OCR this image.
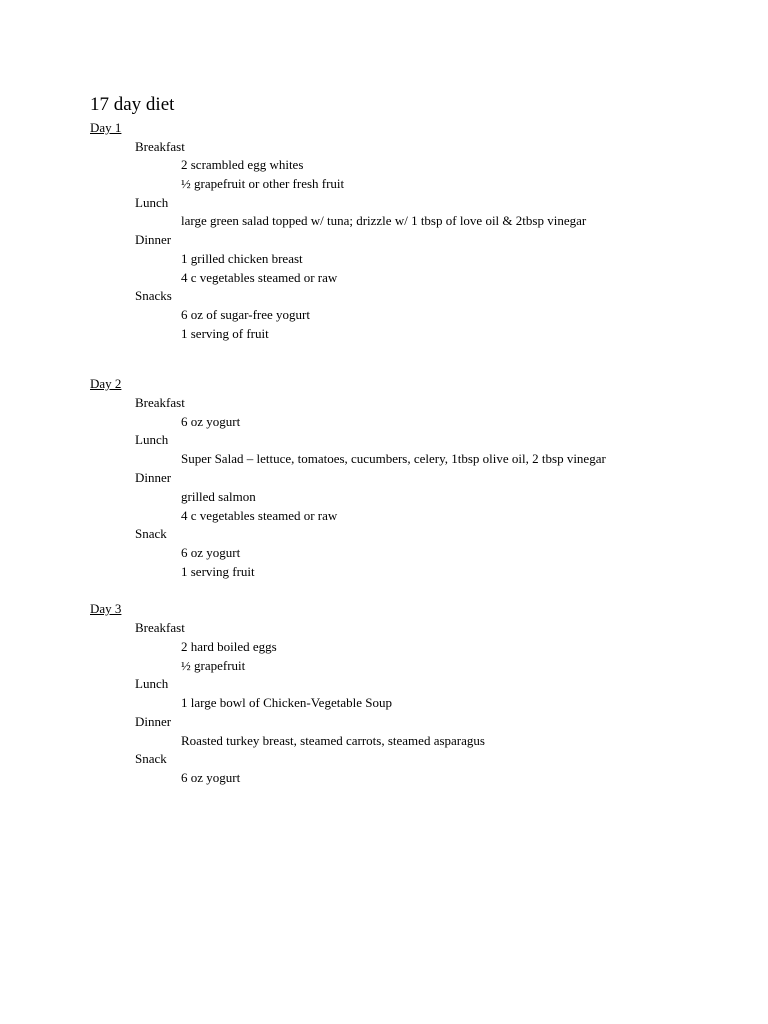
17 day diet
Day 1
Breakfast
2 scrambled egg whites
½ grapefruit or other fresh fruit
Lunch
large green salad topped w/ tuna; drizzle w/ 1 tbsp of love oil & 2tbsp vinegar
Dinner
1 grilled chicken breast
4 c vegetables steamed or raw
Snacks
6 oz of sugar-free yogurt
1 serving of fruit
Day 2
Breakfast
6 oz yogurt
Lunch
Super Salad – lettuce, tomatoes, cucumbers, celery, 1tbsp olive oil, 2 tbsp vinegar
Dinner
grilled salmon
4 c vegetables steamed or raw
Snack
6 oz yogurt
1 serving fruit
Day 3
Breakfast
2 hard boiled eggs
½ grapefruit
Lunch
1 large bowl of Chicken-Vegetable Soup
Dinner
Roasted turkey breast, steamed carrots, steamed asparagus
Snack
6 oz yogurt
